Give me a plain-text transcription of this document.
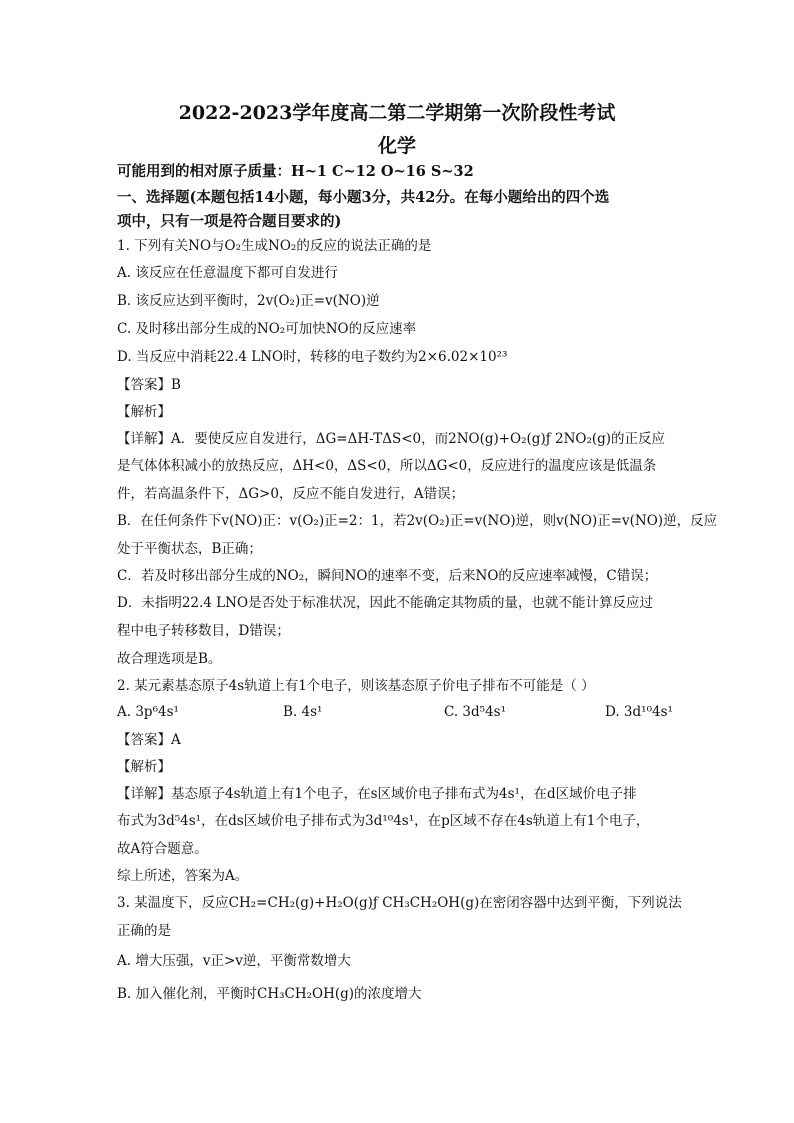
2022-2023学年度高二第二学期第一次阶段性考试
化学
可能用到的相对原子质量：H~1 C~12 O~16 S~32
一、选择题(本题包括14小题，每小题3分，共42分。在每小题给出的四个选
项中，只有一项是符合题目要求的)
1. 下列有关NO与O₂生成NO₂的反应的说法正确的是
A. 该反应在任意温度下都可自发进行
B. 该反应达到平衡时，2v(O₂)正=v(NO)逆
C. 及时移出部分生成的NO₂可加快NO的反应速率
D. 当反应中消耗22.4 LNO时，转移的电子数约为2×6.02×10²³
【答案】B
【解析】
【详解】A．要使反应自发进行，ΔG=ΔH-TΔS<0，而2NO(g)+O₂(g)ƒ 2NO₂(g)的正反应
是气体体积减小的放热反应，ΔH<0，ΔS<0，所以ΔG<0，反应进行的温度应该是低温条
件，若高温条件下，ΔG>0，反应不能自发进行，A错误；
B．在任何条件下v(NO)正：v(O₂)正=2：1，若2v(O₂)正=v(NO)逆，则v(NO)正=v(NO)逆，反应
处于平衡状态，B正确；
C．若及时移出部分生成的NO₂，瞬间NO的速率不变，后来NO的反应速率减慢，C错误；
D．未指明22.4 LNO是否处于标准状况，因此不能确定其物质的量，也就不能计算反应过
程中电子转移数目，D错误；
故合理选项是B。
2. 某元素基态原子4s轨道上有1个电子，则该基态原子价电子排布不可能是（ ）
A. 3p⁶4s¹	B. 4s¹	C. 3d⁵4s¹	D. 3d¹⁰4s¹
【答案】A
【解析】
【详解】基态原子4s轨道上有1个电子，在s区域价电子排布式为4s¹，在d区域价电子排
布式为3d⁵4s¹，在ds区域价电子排布式为3d¹⁰4s¹，在p区域不存在4s轨道上有1个电子，
故A符合题意。
综上所述，答案为A。
3. 某温度下，反应CH₂=CH₂(g)+H₂O(g)ƒ CH₃CH₂OH(g)在密闭容器中达到平衡，下列说法
正确的是
A. 增大压强，v正>v逆，平衡常数增大
B. 加入催化剂，平衡时CH₃CH₂OH(g)的浓度增大
